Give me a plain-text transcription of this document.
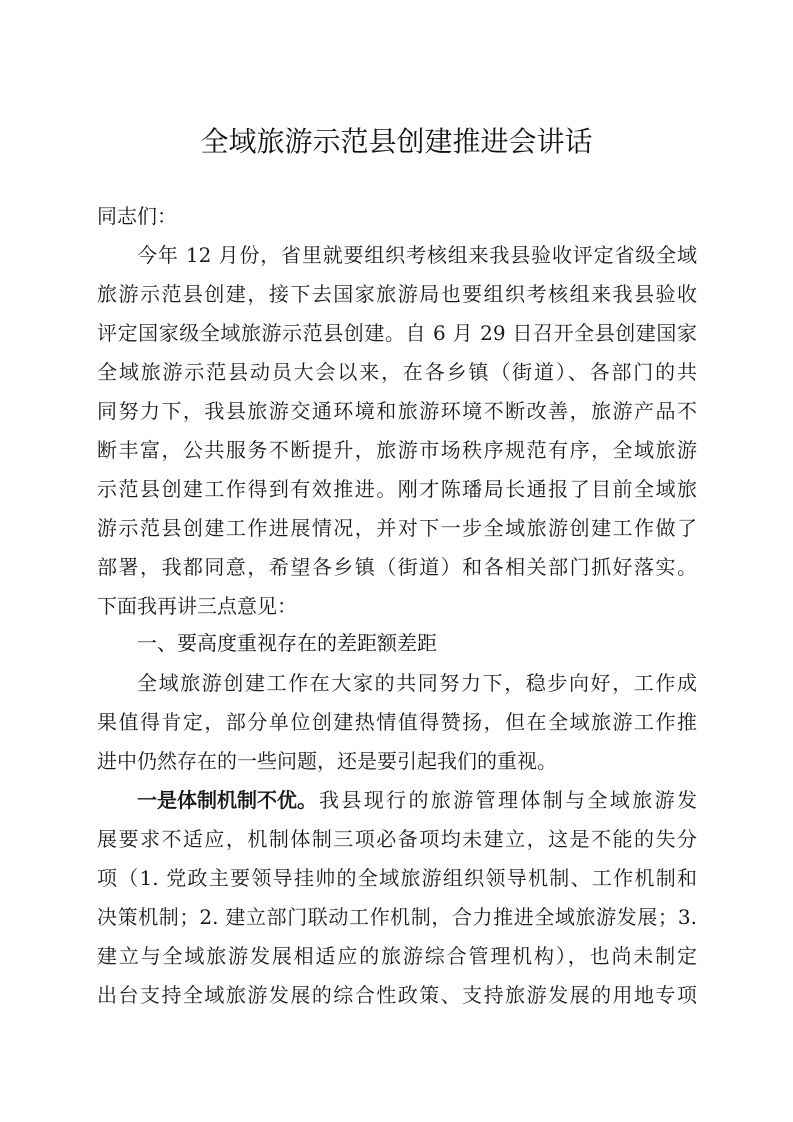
全域旅游示范县创建推进会讲话
同志们：
今年 12 月份，省里就要组织考核组来我县验收评定省级全域
旅游示范县创建，接下去国家旅游局也要组织考核组来我县验收
评定国家级全域旅游示范县创建。自 6 月 29 日召开全县创建国家
全域旅游示范县动员大会以来，在各乡镇（街道）、各部门的共
同努力下，我县旅游交通环境和旅游环境不断改善，旅游产品不
断丰富，公共服务不断提升，旅游市场秩序规范有序，全域旅游
示范县创建工作得到有效推进。刚才陈璠局长通报了目前全域旅
游示范县创建工作进展情况，并对下一步全域旅游创建工作做了
部署，我都同意，希望各乡镇（街道）和各相关部门抓好落实。
下面我再讲三点意见：
一、要高度重视存在的差距额差距
全域旅游创建工作在大家的共同努力下，稳步向好，工作成
果值得肯定，部分单位创建热情值得赞扬，但在全域旅游工作推
进中仍然存在的一些问题，还是要引起我们的重视。
一是体制机制不优。 我县现行的旅游管理体制与全域旅游发
展要求不适应，机制体制三项必备项均未建立，这是不能的失分
项（1. 党政主要领导挂帅的全域旅游组织领导机制、工作机制和
决策机制；2. 建立部门联动工作机制，合力推进全域旅游发展；3.
建立与全域旅游发展相适应的旅游综合管理机构），也尚未制定
出台支持全域旅游发展的综合性政策、支持旅游发展的用地专项
